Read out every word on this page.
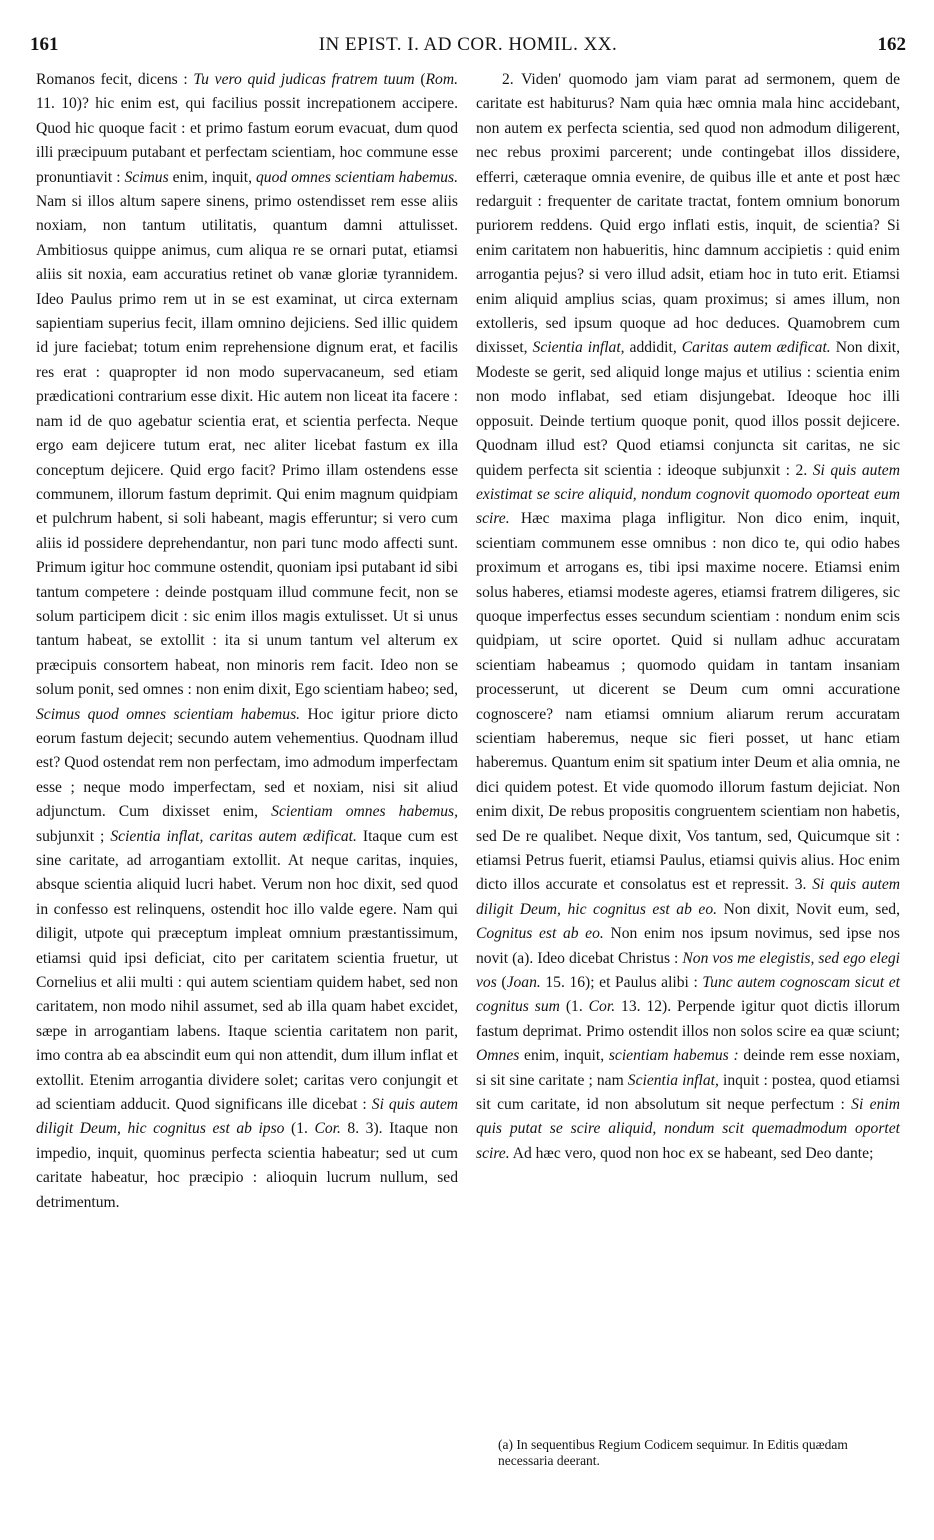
161	IN EPIST. I. AD COR. HOMIL. XX.	162

Romanos fecit, dicens : Tu vero quid judicas fratrem tuum (Rom. 11. 10)? hic enim est, qui facilius possit increpationem accipere. Quod hic quoque facit : et primo fastum eorum evacuat, dum quod illi præcipuum putabant et perfectam scientiam, hoc commune esse pronuntiavit : Scimus enim, inquit, quod omnes scientiam habemus. Nam si illos altum sapere sinens, primo ostendisset rem esse aliis noxiam, non tantum utilitatis, quantum damni attulisset. Ambitiosus quippe animus, cum aliqua re se ornari putat, etiamsi aliis sit noxia, eam accuratius retinet ob vanæ gloriæ tyrannidem. Ideo Paulus primo rem ut in se est examinat, ut circa externam sapientiam superius fecit, illam omnino dejiciens. Sed illic quidem id jure faciebat; totum enim reprehensione dignum erat, et facilis res erat : quapropter id non modo supervacaneum, sed etiam prædicationi contrarium esse dixit. Hic autem non liceat ita facere : nam id de quo agebatur scientia erat, et scientia perfecta. Neque ergo eam dejicere tutum erat, nec aliter licebat fastum ex illa conceptum dejicere. Quid ergo facit? Primo illam ostendens esse communem, illorum fastum deprimit. Qui enim magnum quidpiam et pulchrum habent, si soli habeant, magis efferuntur; si vero cum aliis id possidere deprehendantur, non pari tunc modo affecti sunt. Primum igitur hoc commune ostendit, quoniam ipsi putabant id sibi tantum competere : deinde postquam illud commune fecit, non se solum participem dicit : sic enim illos magis extulisset. Ut si unus tantum habeat, se extollit : ita si unum tantum vel alterum ex præcipuis consortem habeat, non minoris rem facit. Ideo non se solum ponit, sed omnes : non enim dixit, Ego scientiam habeo; sed, Scimus quod omnes scientiam habemus. Hoc igitur priore dicto eorum fastum dejecit; secundo autem vehementius. Quodnam illud est? Quod ostendat rem non perfectam, imo admodum imperfectam esse ; neque modo imperfectam, sed et noxiam, nisi sit aliud adjunctum. Cum dixisset enim, Scientiam omnes habemus, subjunxit ; Scientia inflat, caritas autem ædificat. Itaque cum est sine caritate, ad arrogantiam extollit. At neque caritas, inquies, absque scientia aliquid lucri habet. Verum non hoc dixit, sed quod in confesso est relinquens, ostendit hoc illo valde egere. Nam qui diligit, utpote qui præceptum impleat omnium præstantissimum, etiamsi quid ipsi deficiat, cito per caritatem scientia fruetur, ut Cornelius et alii multi : qui autem scientiam quidem habet, sed non caritatem, non modo nihil assumet, sed ab illa quam habet excidet, sæpe in arrogantiam labens. Itaque scientia caritatem non parit, imo contra ab ea abscindit eum qui non attendit, dum illum inflat et extollit. Etenim arrogantia dividere solet; caritas vero conjungit et ad scientiam adducit. Quod significans ille dicebat : Si quis autem diligit Deum, hic cognitus est ab ipso (1. Cor. 8. 3). Itaque non impedio, inquit, quominus perfecta scientia habeatur; sed ut cum caritate habeatur, hoc præcipio : alioquin lucrum nullum, sed detrimentum.

2. Viden' quomodo jam viam parat ad sermonem, quem de caritate est habiturus? Nam quia hæc omnia mala hinc accidebant, non autem ex perfecta scientia, sed quod non admodum diligerent, nec rebus proximi parcerent; unde contingebat illos dissidere, efferri, cæteraque omnia evenire, de quibus ille et ante et post hæc redarguit : frequenter de caritate tractat, fontem omnium bonorum puriorem reddens. Quid ergo inflati estis, inquit, de scientia? Si enim caritatem non habueritis, hinc damnum accipietis : quid enim arrogantia pejus? si vero illud adsit, etiam hoc in tuto erit. Etiamsi enim aliquid amplius scias, quam proximus; si ames illum, non extolleris, sed ipsum quoque ad hoc deduces. Quamobrem cum dixisset, Scientia inflat, addidit, Caritas autem ædificat. Non dixit, Modeste se gerit, sed aliquid longe majus et utilius : scientia enim non modo inflabat, sed etiam disjungebat. Ideoque hoc illi opposuit. Deinde tertium quoque ponit, quod illos possit dejicere. Quodnam illud est? Quod etiamsi conjuncta sit caritas, ne sic quidem perfecta sit scientia : ideoque subjunxit : 2. Si quis autem existimat se scire aliquid, nondum cognovit quomodo oporteat eum scire. Hæc maxima plaga infligitur. Non dico enim, inquit, scientiam communem esse omnibus : non dico te, qui odio habes proximum et arrogans es, tibi ipsi maxime nocere. Etiamsi enim solus haberes, etiamsi modeste ageres, etiamsi fratrem diligeres, sic quoque imperfectus esses secundum scientiam : nondum enim scis quidpiam, ut scire oportet. Quid si nullam adhuc accuratam scientiam habeamus ; quomodo quidam in tantam insaniam processerunt, ut dicerent se Deum cum omni accuratione cognoscere? nam etiamsi omnium aliarum rerum accuratam scientiam haberemus, neque sic fieri posset, ut hanc etiam haberemus. Quantum enim sit spatium inter Deum et alia omnia, ne dici quidem potest. Et vide quomodo illorum fastum dejiciat. Non enim dixit, De rebus propositis congruentem scientiam non habetis, sed De re qualibet. Neque dixit, Vos tantum, sed, Quicumque sit : etiamsi Petrus fuerit, etiamsi Paulus, etiamsi quivis alius. Hoc enim dicto illos accurate et consolatus est et repressit. 3. Si quis autem diligit Deum, hic cognitus est ab eo. Non dixit, Novit eum, sed, Cognitus est ab eo. Non enim nos ipsum novimus, sed ipse nos novit (a). Ideo dicebat Christus : Non vos me elegistis, sed ego elegi vos (Joan. 15. 16); et Paulus alibi : Tunc autem cognoscam sicut et cognitus sum (1. Cor. 13. 12). Perpende igitur quot dictis illorum fastum deprimat. Primo ostendit illos non solos scire ea quæ sciunt; Omnes enim, inquit, scientiam habemus : deinde rem esse noxiam, si sit sine caritate ; nam Scientia inflat, inquit : postea, quod etiamsi sit cum caritate, id non absolutum sit neque perfectum : Si enim quis putat se scire aliquid, nondum scit quemadmodum oportet scire. Ad hæc vero, quod non hoc ex se habeant, sed Deo dante;

(a) In sequentibus Regium Codicem sequimur. In Editis quædam necessaria deerant.
